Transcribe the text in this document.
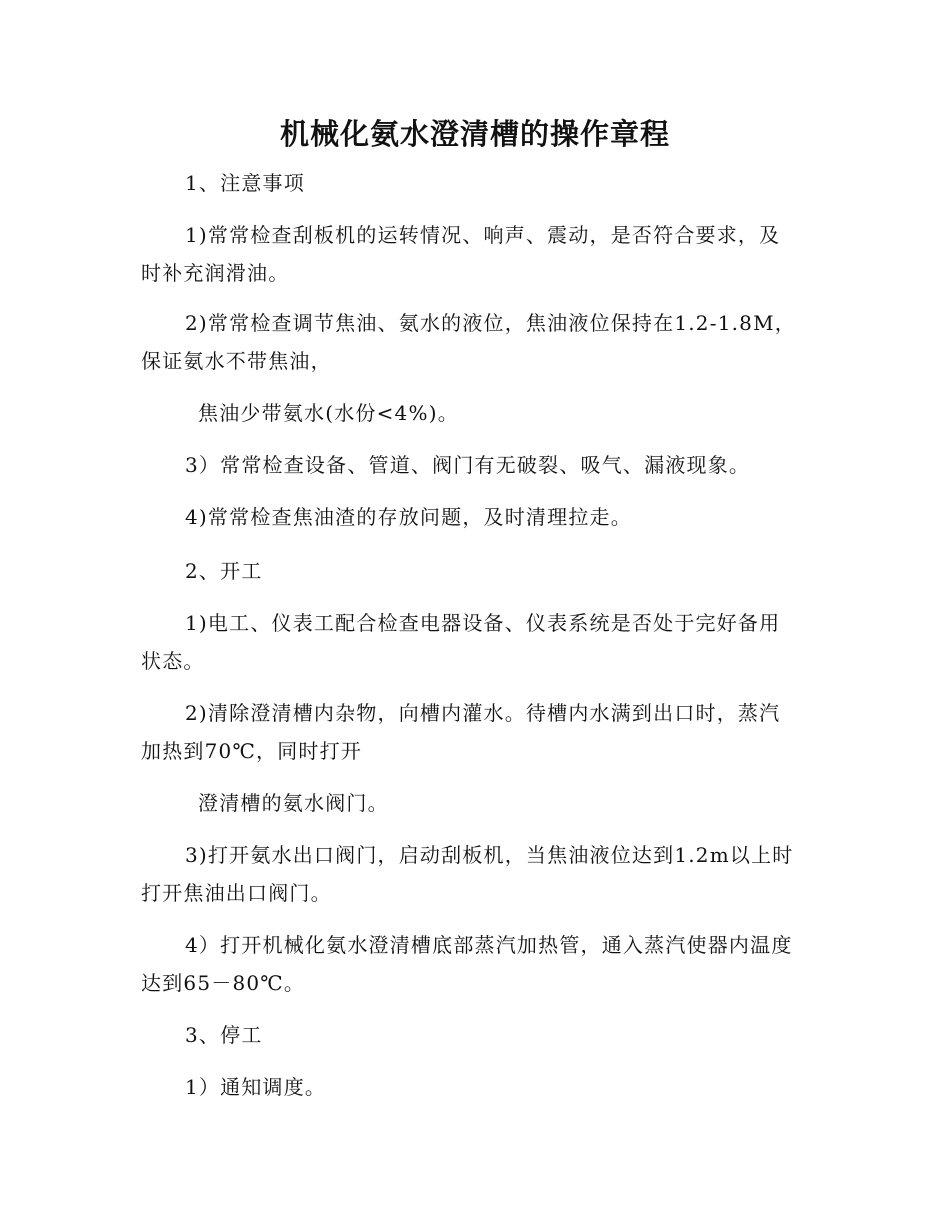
机械化氨水澄清槽的操作章程
1、注意事项
1)常常检查刮板机的运转情况、响声、震动，是否符合要求，及
时补充润滑油。
2)常常检查调节焦油、氨水的液位，焦油液位保持在1.2-1.8M，
保证氨水不带焦油，
焦油少带氨水(水份<4%)。
3）常常检查设备、管道、阀门有无破裂、吸气、漏液现象。
4)常常检查焦油渣的存放问题，及时清理拉走。
2、开工
1)电工、仪表工配合检查电器设备、仪表系统是否处于完好备用
状态。
2)清除澄清槽内杂物，向槽内灌水。待槽内水满到出口时，蒸汽
加热到70℃，同时打开
澄清槽的氨水阀门。
3)打开氨水出口阀门，启动刮板机，当焦油液位达到1.2m以上时
打开焦油出口阀门。
4）打开机械化氨水澄清槽底部蒸汽加热管，通入蒸汽使器内温度
达到65－80℃。
3、停工
1）通知调度。
